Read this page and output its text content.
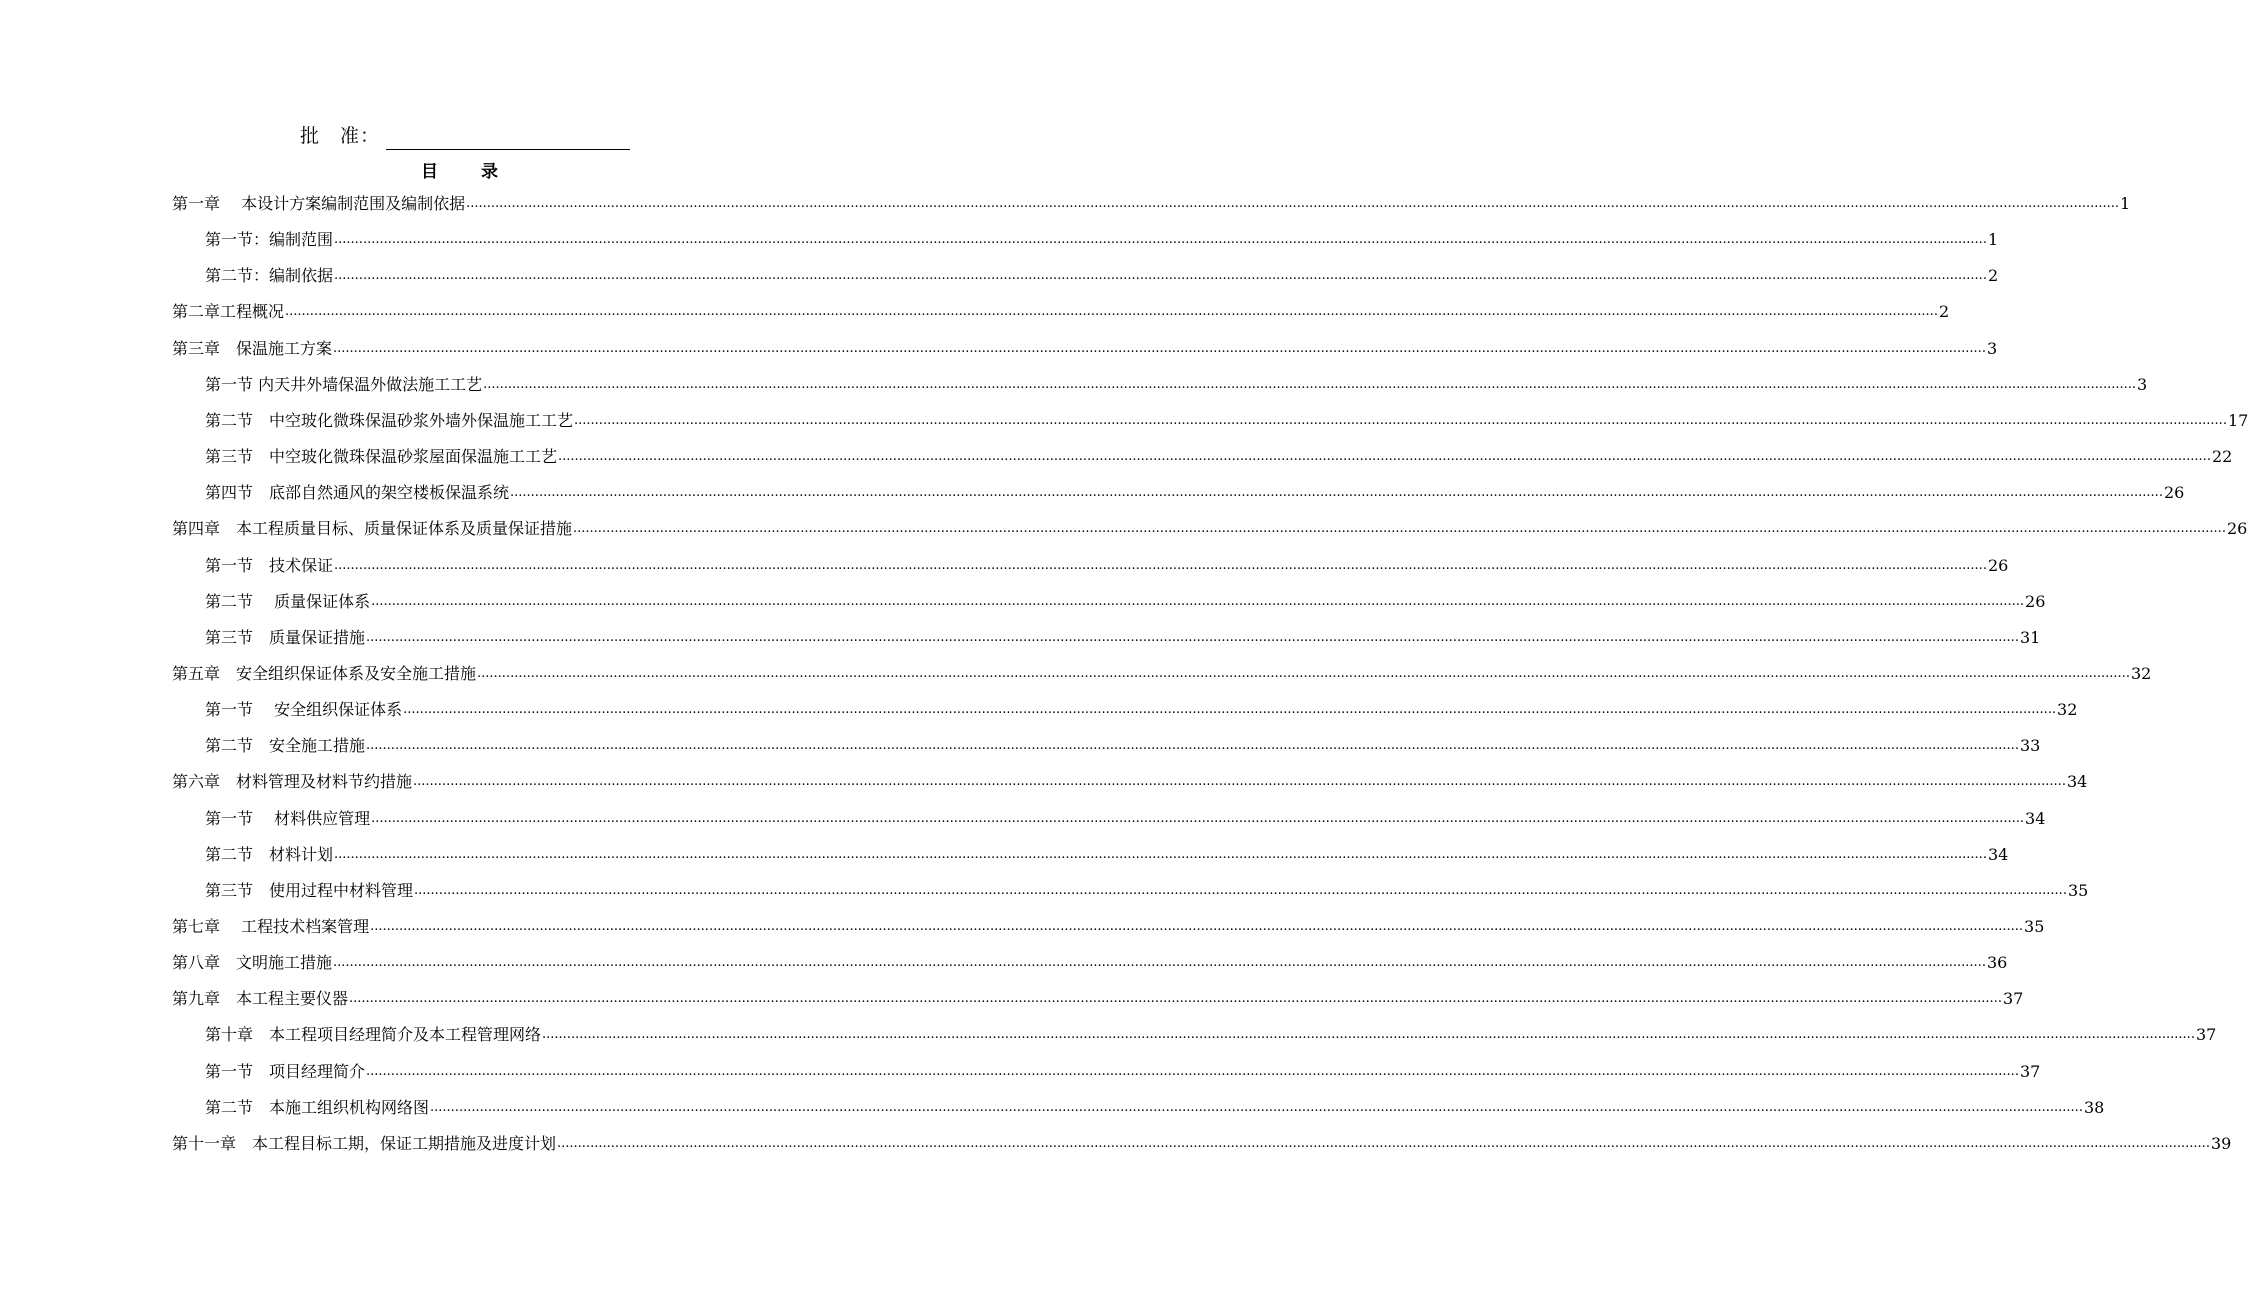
批　准：
目 录
第一章　 本设计方案编制范围及编制依据 ................................................................................................................................................................................................................................................................................................................................................................................................................ 1
第一节：编制范围 ................................................................................................................................................................................................................................................................................................................................................................................................................ 1
第二节：编制依据 ................................................................................................................................................................................................................................................................................................................................................................................................................ 2
第二章工程概况 ................................................................................................................................................................................................................................................................................................................................................................................................................ 2
第三章　保温施工方案 ................................................................................................................................................................................................................................................................................................................................................................................................................ 3
第一节 内天井外墙保温外做法施工工艺 ................................................................................................................................................................................................................................................................................................................................................................................................................ 3
第二节　中空玻化微珠保温砂浆外墙外保温施工工艺 ................................................................................................................................................................................................................................................................................................................................................................................................................ 17
第三节　中空玻化微珠保温砂浆屋面保温施工工艺 ................................................................................................................................................................................................................................................................................................................................................................................................................ 22
第四节　底部自然通风的架空楼板保温系统 ................................................................................................................................................................................................................................................................................................................................................................................................................ 26
第四章　本工程质量目标、质量保证体系及质量保证措施 ................................................................................................................................................................................................................................................................................................................................................................................................................ 26
第一节　技术保证 ................................................................................................................................................................................................................................................................................................................................................................................................................ 26
第二节　 质量保证体系 ................................................................................................................................................................................................................................................................................................................................................................................................................ 26
第三节　质量保证措施 ................................................................................................................................................................................................................................................................................................................................................................................................................ 31
第五章　安全组织保证体系及安全施工措施 ................................................................................................................................................................................................................................................................................................................................................................................................................ 32
第一节　 安全组织保证体系 ................................................................................................................................................................................................................................................................................................................................................................................................................ 32
第二节　安全施工措施 ................................................................................................................................................................................................................................................................................................................................................................................................................ 33
第六章　材料管理及材料节约措施 ................................................................................................................................................................................................................................................................................................................................................................................................................ 34
第一节　 材料供应管理 ................................................................................................................................................................................................................................................................................................................................................................................................................ 34
第二节　材料计划 ................................................................................................................................................................................................................................................................................................................................................................................................................ 34
第三节　使用过程中材料管理 ................................................................................................................................................................................................................................................................................................................................................................................................................ 35
第七章　 工程技术档案管理 ................................................................................................................................................................................................................................................................................................................................................................................................................ 35
第八章　文明施工措施 ................................................................................................................................................................................................................................................................................................................................................................................................................ 36
第九章　本工程主要仪器 ................................................................................................................................................................................................................................................................................................................................................................................................................ 37
第十章　本工程项目经理简介及本工程管理网络 ................................................................................................................................................................................................................................................................................................................................................................................................................ 37
第一节　项目经理简介 ................................................................................................................................................................................................................................................................................................................................................................................................................ 37
第二节　本施工组织机构网络图 ................................................................................................................................................................................................................................................................................................................................................................................................................ 38
第十一章　本工程目标工期，保证工期措施及进度计划 ................................................................................................................................................................................................................................................................................................................................................................................................................ 39
